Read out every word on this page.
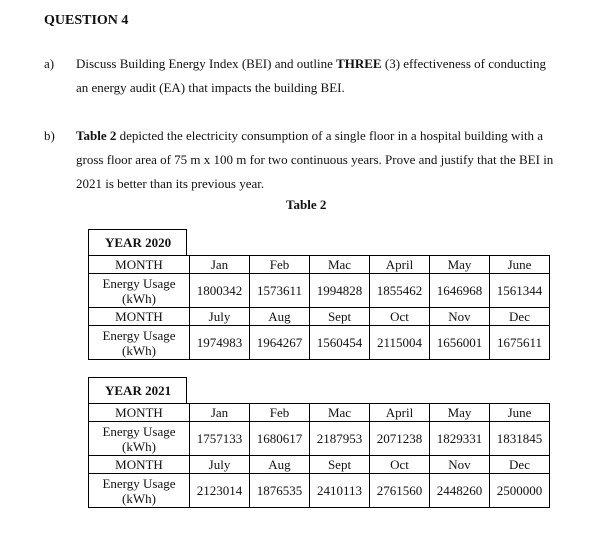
QUESTION 4
a)	Discuss Building Energy Index (BEI) and outline THREE (3) effectiveness of conducting an energy audit (EA) that impacts the building BEI.
b)	Table 2 depicted the electricity consumption of a single floor in a hospital building with a gross floor area of 75 m x 100 m for two continuous years. Prove and justify that the BEI in 2021 is better than its previous year.
Table 2
YEAR 2020
MONTH	Jan	Feb	Mac	April	May	June
Energy Usage (kWh)	1800342	1573611	1994828	1855462	1646968	1561344
MONTH	July	Aug	Sept	Oct	Nov	Dec
Energy Usage (kWh)	1974983	1964267	1560454	2115004	1656001	1675611
YEAR 2021
MONTH	Jan	Feb	Mac	April	May	June
Energy Usage (kWh)	1757133	1680617	2187953	2071238	1829331	1831845
MONTH	July	Aug	Sept	Oct	Nov	Dec
Energy Usage (kWh)	2123014	1876535	2410113	2761560	2448260	2500000
